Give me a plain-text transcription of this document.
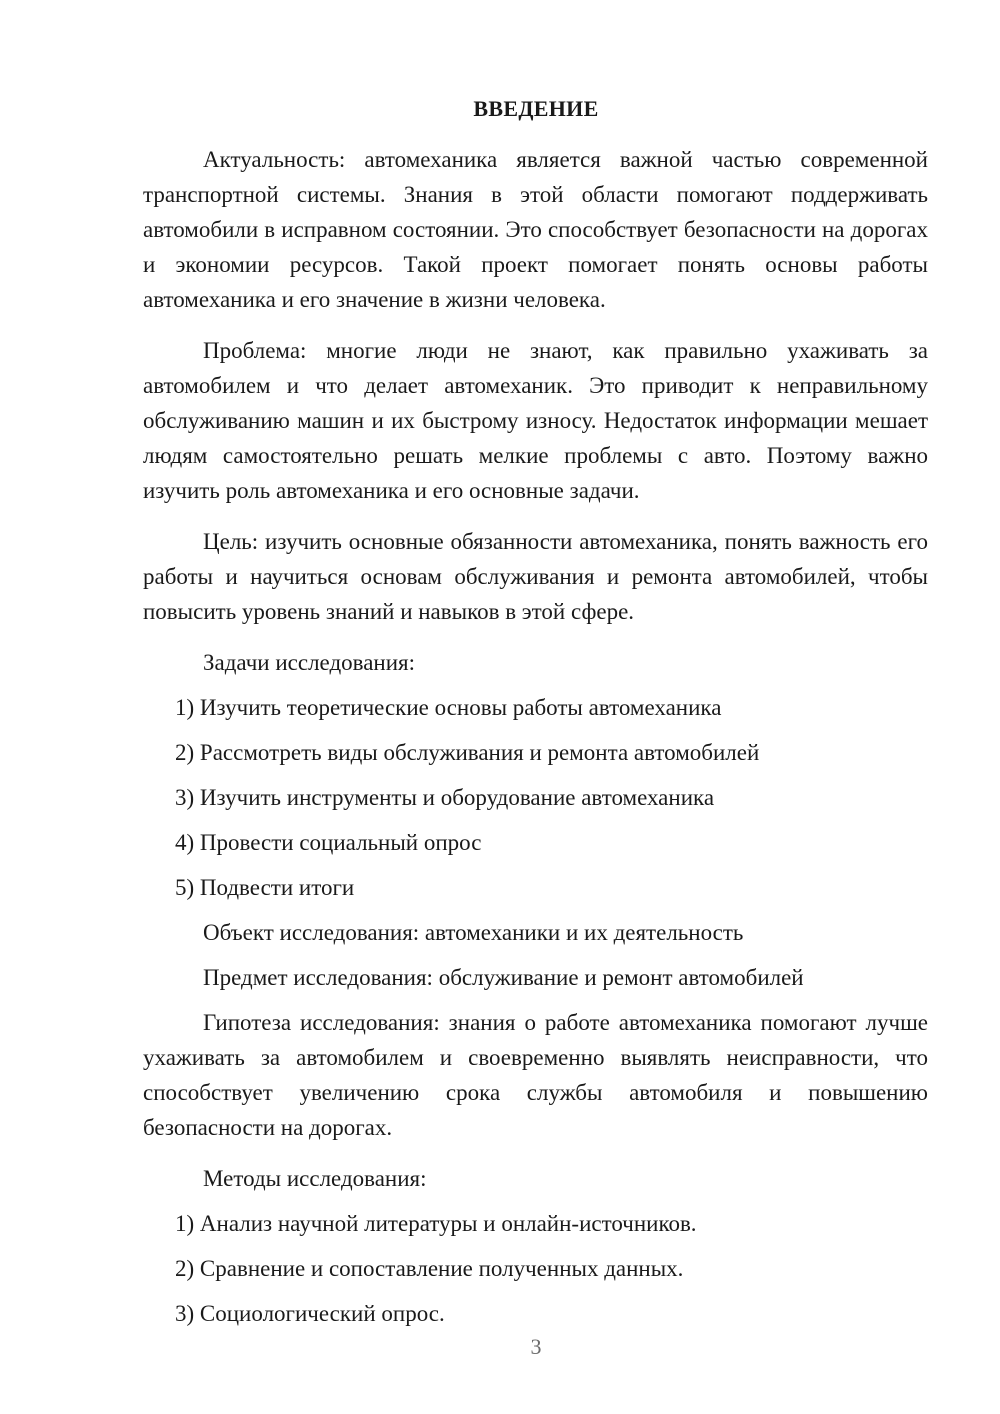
ВВЕДЕНИЕ

Актуальность: автомеханика является важной частью современной транспортной системы. Знания в этой области помогают поддерживать автомобили в исправном состоянии. Это способствует безопасности на дорогах и экономии ресурсов. Такой проект помогает понять основы работы автомеханика и его значение в жизни человека.

Проблема: многие люди не знают, как правильно ухаживать за автомобилем и что делает автомеханик. Это приводит к неправильному обслуживанию машин и их быстрому износу. Недостаток информации мешает людям самостоятельно решать мелкие проблемы с авто. Поэтому важно изучить роль автомеханика и его основные задачи.

Цель: изучить основные обязанности автомеханика, понять важность его работы и научиться основам обслуживания и ремонта автомобилей, чтобы повысить уровень знаний и навыков в этой сфере.

Задачи исследования:

1) Изучить теоретические основы работы автомеханика

2) Рассмотреть виды обслуживания и ремонта автомобилей

3) Изучить инструменты и оборудование автомеханика

4) Провести социальный опрос

5) Подвести итоги

Объект исследования: автомеханики и их деятельность

Предмет исследования: обслуживание и ремонт автомобилей

Гипотеза исследования: знания о работе автомеханика помогают лучше ухаживать за автомобилем и своевременно выявлять неисправности, что способствует увеличению срока службы автомобиля и повышению безопасности на дорогах.

Методы исследования:

1) Анализ научной литературы и онлайн-источников.

2) Сравнение и сопоставление полученных данных.

3) Социологический опрос.

3
